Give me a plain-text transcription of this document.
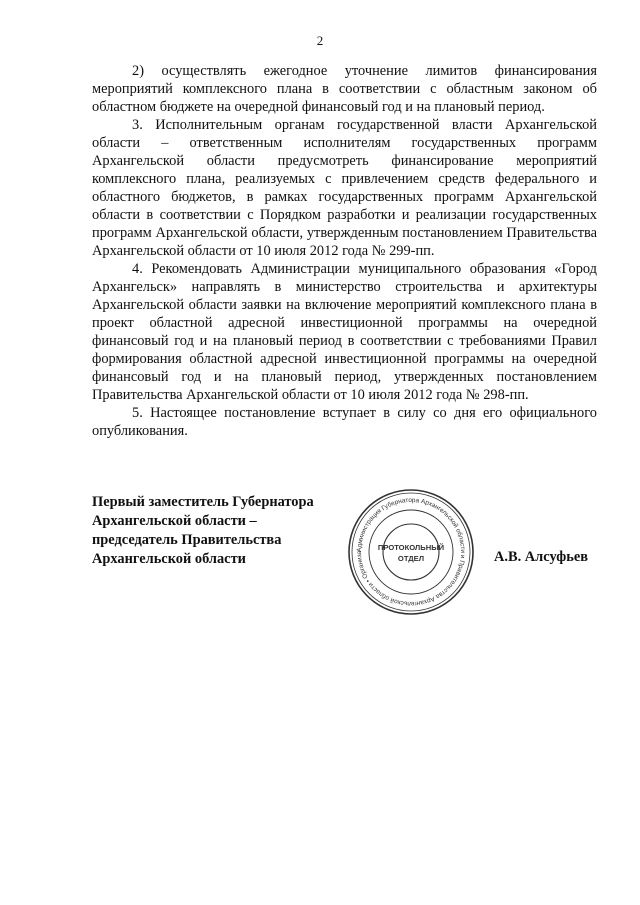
2

2) осуществлять ежегодное уточнение лимитов финансирования мероприятий комплексного плана в соответствии с областным законом об областном бюджете на очередной финансовый год и на плановый период.

3. Исполнительным органам государственной власти Архангельской области – ответственным исполнителям государственных программ Архангельской области предусмотреть финансирование мероприятий комплексного плана, реализуемых с привлечением средств федерального и областного бюджетов, в рамках государственных программ Архангельской области в соответствии с Порядком разработки и реализации государственных программ Архангельской области, утвержденным постановлением Правительства Архангельской области от 10 июля 2012 года № 299-пп.

4. Рекомендовать Администрации муниципального образования «Город Архангельск» направлять в министерство строительства и архитектуры Архангельской области заявки на включение мероприятий комплексного плана в проект областной адресной инвестиционной программы на очередной финансовый год и на плановый период в соответствии с требованиями Правил формирования областной адресной инвестиционной программы на очередной финансовый год и на плановый период, утвержденных постановлением Правительства Архангельской области от 10 июля 2012 года № 298-пп.

5. Настоящее постановление вступает в силу со дня его официального опубликования.

Первый заместитель Губернатора
Архангельской области –
председатель Правительства
Архангельской области
Администрация Губернатора Архангельской области и Правительства Архангельской области • Организа
ПРОТОКОЛЬНЫЙ
ОТДЕЛ	А.В. Алсуфьев
